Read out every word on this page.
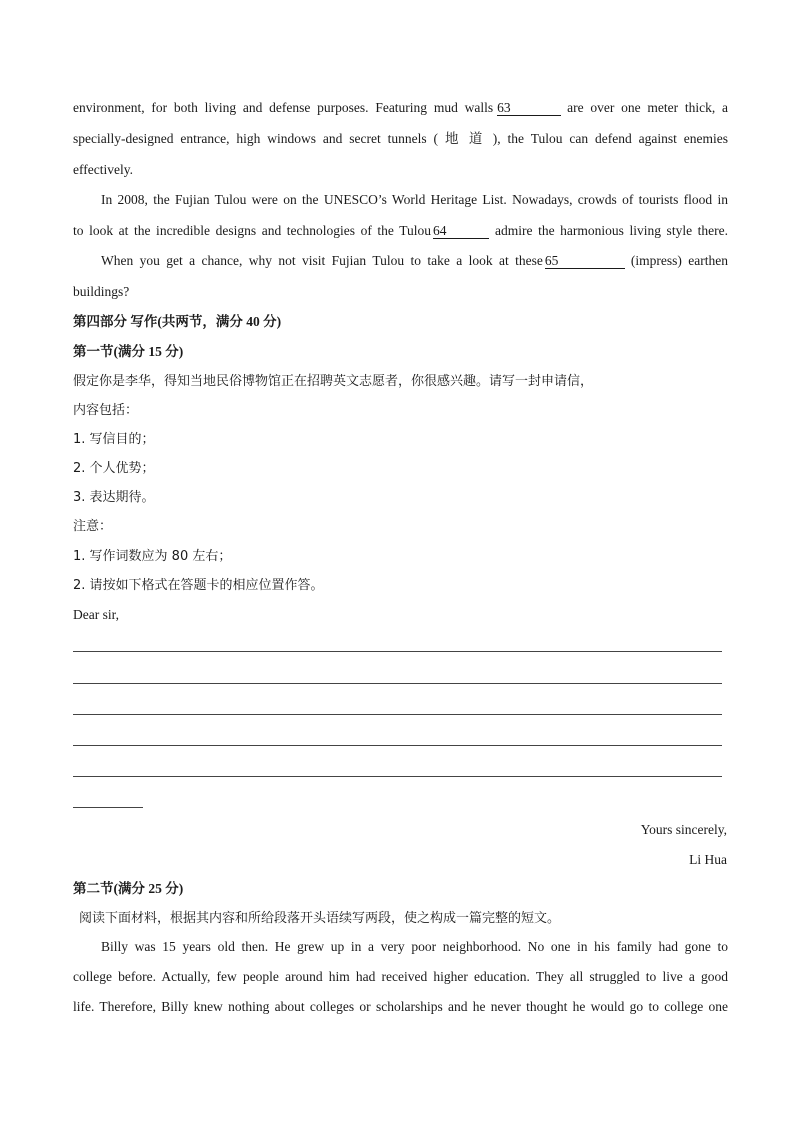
environment, for both living and defense purposes. Featuring mud walls 63	are over one meter thick, a
specially-designed entrance, high windows and secret tunnels ( 地 道 ), the Tulou can defend against enemies
effectively.
In 2008, the Fujian Tulou were on the UNESCO’s World Heritage List. Nowadays, crowds of tourists flood in
to look at the incredible designs and technologies of the Tulou 64	admire the harmonious living style there.
When you get a chance, why not visit Fujian Tulou to take a look at these 65	(impress) earthen
buildings?
第四部分 写作(共两节，满分 40 分)
第一节(满分 15 分)
假定你是李华，得知当地民俗博物馆正在招聘英文志愿者，你很感兴趣。请写一封申请信，
内容包括：
1. 写信目的；
2. 个人优势；
3. 表达期待。
注意：
1. 写作词数应为 80 左右；
2. 请按如下格式在答题卡的相应位置作答。
Dear sir,
Yours sincerely,
Li Hua
第二节(满分 25 分)
阅读下面材料，根据其内容和所给段落开头语续写两段，使之构成一篇完整的短文。
Billy was 15 years old then. He grew up in a very poor neighborhood. No one in his family had gone to
college before. Actually, few people around him had received higher education. They all struggled to live a good
life. Therefore, Billy knew nothing about colleges or scholarships and he never thought he would go to college one
